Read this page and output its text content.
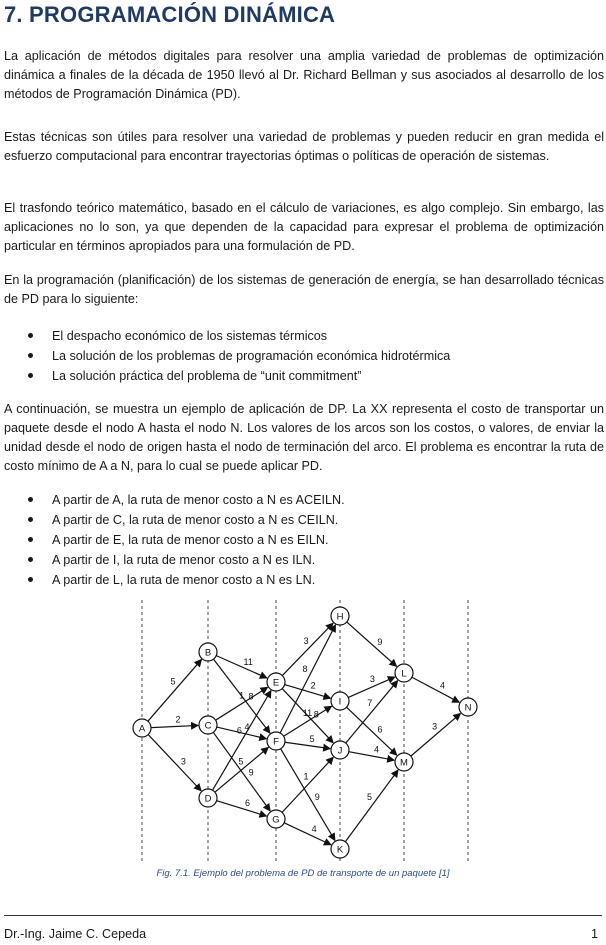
7. PROGRAMACIÓN DINÁMICA

La aplicación de métodos digitales para resolver una amplia variedad de problemas de optimización dinámica a finales de la década de 1950 llevó al Dr. Richard Bellman y sus asociados al desarrollo de los métodos de Programación Dinámica (PD).

Estas técnicas son útiles para resolver una variedad de problemas y pueden reducir en gran medida el esfuerzo computacional para encontrar trayectorias óptimas o políticas de operación de sistemas.

El trasfondo teórico matemático, basado en el cálculo de variaciones, es algo complejo. Sin embargo, las aplicaciones no lo son, ya que dependen de la capacidad para expresar el problema de optimización particular en términos apropiados para una formulación de PD.

En la programación (planificación) de los sistemas de generación de energía, se han desarrollado técnicas de PD para lo siguiente:

El despacho económico de los sistemas térmicos
La solución de los problemas de programación económica hidrotérmica
La solución práctica del problema de “unit commitment”

A continuación, se muestra un ejemplo de aplicación de DP. La XX representa el costo de transportar un paquete desde el nodo A hasta el nodo N. Los valores de los arcos son los costos, o valores, de enviar la unidad desde el nodo de origen hasta el nodo de terminación del arco. El problema es encontrar la ruta de costo mínimo de A a N, para lo cual se puede aplicar PD.

A partir de A, la ruta de menor costo a N es ACEILN.
A partir de C, la ruta de menor costo a N es CEILN.
A partir de E, la ruta de menor costo a N es EILN.
A partir de I, la ruta de menor costo a N es ILN.
A partir de L, la ruta de menor costo a N es LN.
5
2
3
11
8
1
4
9
6
5
6
3
2
8
8
11
5
9
1
4
9
3
6
7
4
5
4
3
A
B
C
D
E
F
G
H
I
J
K
L
M
N
Fig. 7.1. Ejemplo del problema de PD de transporte de un paquete [1]
Dr.-Ing. Jaime C. Cepeda	1
